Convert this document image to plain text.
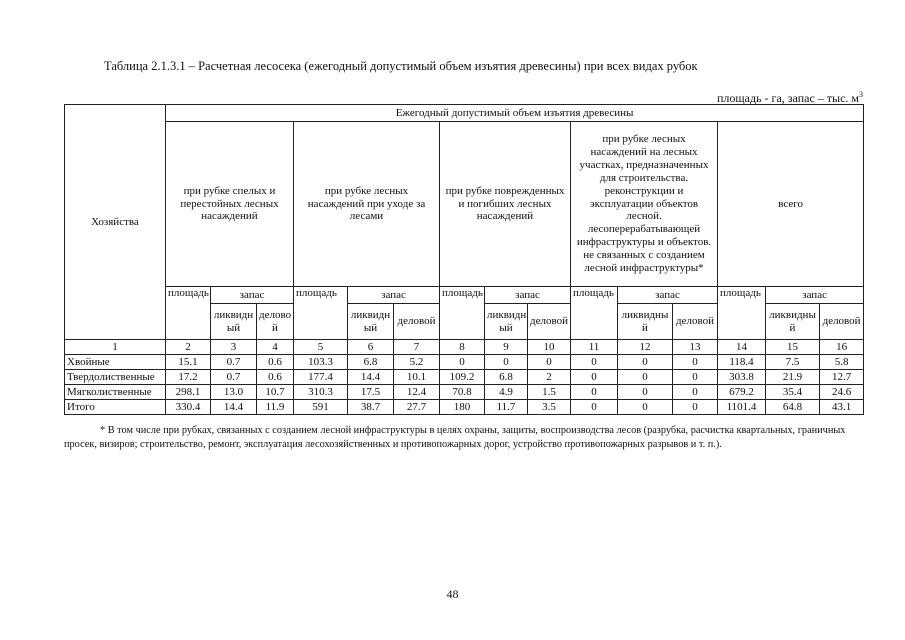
Таблица 2.1.3.1 – Расчетная лесосека (ежегодный допустимый объем изъятия древесины) при всех видах рубок
площадь - га, запас – тыс. $м^3$
Хозяйства	Ежегодный допустимый объем изъятия древесины														
	при рубке спелых и перестойных лесных насаждений			при рубке лесных насаждений при уходе за лесами			при рубке поврежденных и погибших лесных насаждений			при рубке лесных насаждений на лесных участках, предназначенных для строительства. реконструкции и эксплуатации объектов лесной. лесоперерабатывающей инфраструктуры и объектов. не связанных с созданием лесной инфраструктуры*			всего		
	площадь	запас		площадь	запас		площадь	запас		площадь	запас		площадь	запас	
		ликвидн ый	делово й		ликвидн ый	деловой		ликвидн ый	деловой		ликвидны й	деловой		ликвидны й	деловой
1	2	3	4	5	6	7	8	9	10	11	12	13	14	15	16
Хвойные	15.1	0.7	0.6	103.3	6.8	5.2	0	0	0	0	0	0	118.4	7.5	5.8
Твердолиственные	17.2	0.7	0.6	177.4	14.4	10.1	109.2	6.8	2	0	0	0	303.8	21.9	12.7
Мягколиственные	298.1	13.0	10.7	310.3	17.5	12.4	70.8	4.9	1.5	0	0	0	679.2	35.4	24.6
Итого	330.4	14.4	11.9	591	38.7	27.7	180	11.7	3.5	0	0	0	1101.4	64.8	43.1
* В том числе при рубках, связанных с созданием лесной инфраструктуры в целях охраны, защиты, воспроизводства лесов (разрубка, расчистка квартальных, граничных просек, визиров; строительство, ремонт, эксплуатация лесохозяйственных и противопожарных дорог, устройство противопожарных разрывов и т. п.).
48
